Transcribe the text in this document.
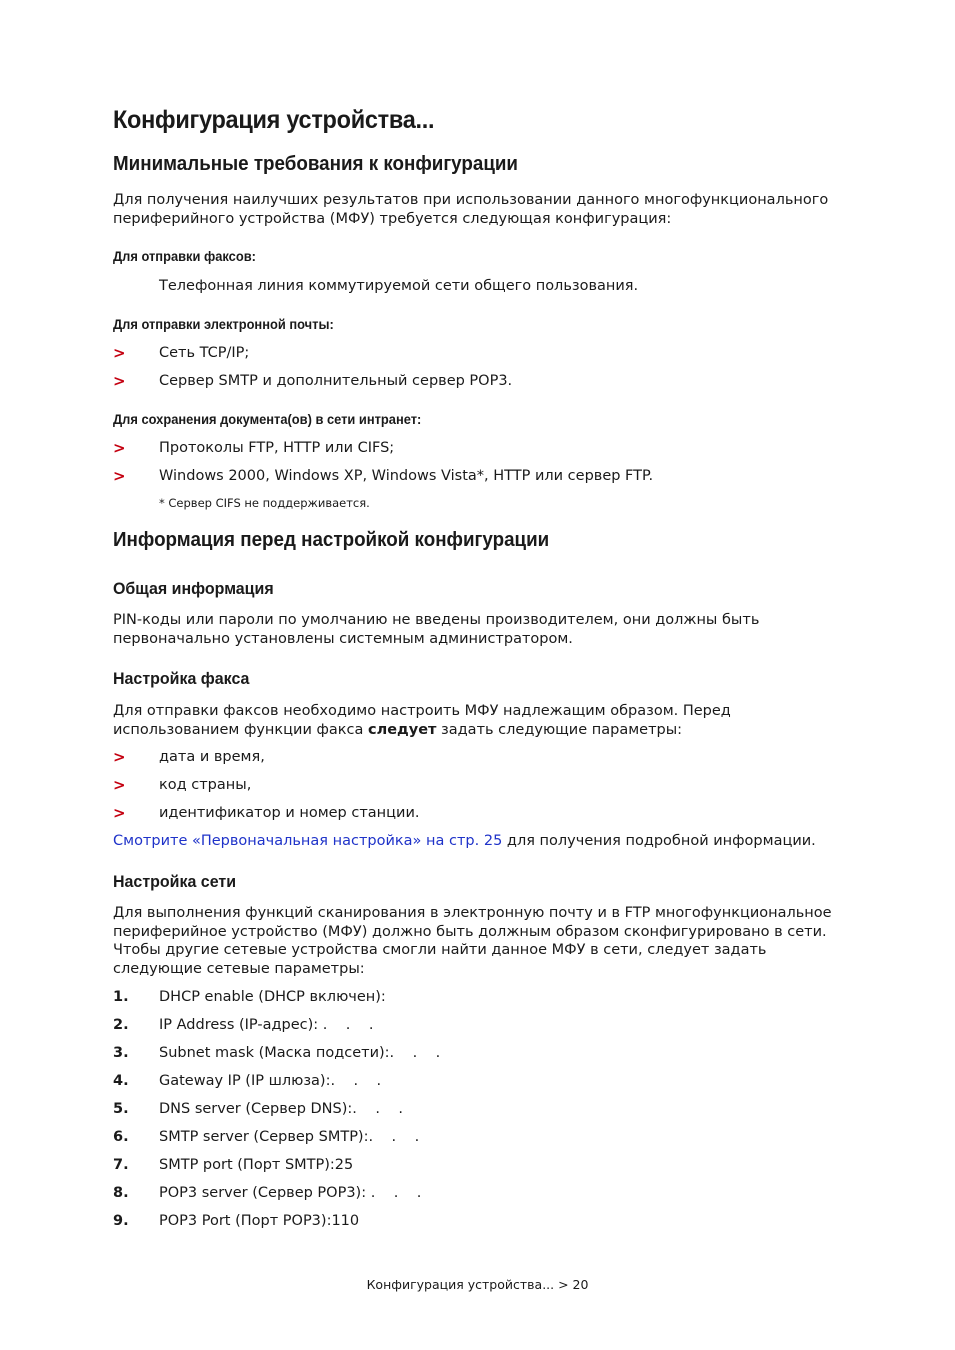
Конфигурация устройства...
Минимальные требования к конфигурации

Для получения наилучших результатов при использовании данного многофункционального периферийного устройства (МФУ) требуется следующая конфигурация:

Для отправки факсов:

Телефонная линия коммутируемой сети общего пользования.

Для отправки электронной почты:
> Сеть TCP/IP;
> Сервер SMTP и дополнительный сервер POP3.
Для сохранения документа(ов) в сети интранет:
> Протоколы FTP, HTTP или CIFS;
> Windows 2000, Windows XP, Windows Vista*, HTTP или сервер FTP.
* Сервер CIFS не поддерживается.
Информация перед настройкой конфигурации
Общая информация

PIN-коды или пароли по умолчанию не введены производителем, они должны быть первоначально установлены системным администратором.

Настройка факса

Для отправки факсов необходимо настроить МФУ надлежащим образом. Перед использованием функции факса следует задать следующие параметры:

> дата и время,
> код страны,
> идентификатор и номер станции.

Смотрите «Первоначальная настройка» на стр. 25 для получения подробной информации.

Настройка сети

Для выполнения функций сканирования в электронную почту и в FTP многофункциональное периферийное устройство (МФУ) должно быть должным образом сконфигурировано в сети. Чтобы другие сетевые устройства смогли найти данное МФУ в сети, следует задать следующие сетевые параметры:

1. DHCP enable (DHCP включен):
2. IP Address (IP-адрес): .    .    .
3. Subnet mask (Маска подсети):.    .    .
4. Gateway IP (IP шлюза):.    .    .
5. DNS server (Сервер DNS):.    .    .
6. SMTP server (Сервер SMTP):.    .    .
7. SMTP port (Порт SMTP):25
8. POP3 server (Сервер POP3): .    .    .
9. POP3 Port (Порт POP3):110
Конфигурация устройства... > 20
